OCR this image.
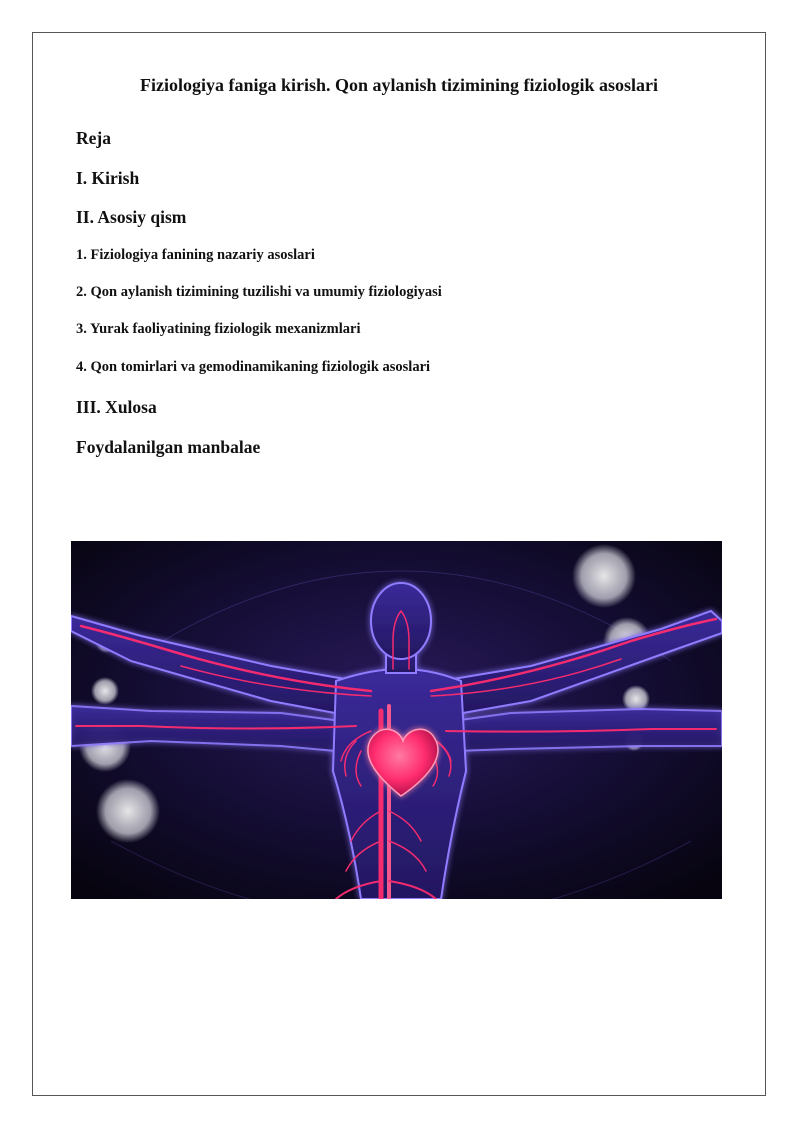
Fiziologiya faniga kirish. Qon aylanish tizimining fiziologik asoslari
Reja
I. Kirish
II. Asosiy qism
1. Fiziologiya fanining nazariy asoslari
2. Qon aylanish tizimining tuzilishi va umumiy fiziologiyasi
3. Yurak faoliyatining fiziologik mexanizmlari
4. Qon tomirlari va gemodinamikaning fiziologik asoslari
III. Xulosa
Foydalanilgan manbalae
